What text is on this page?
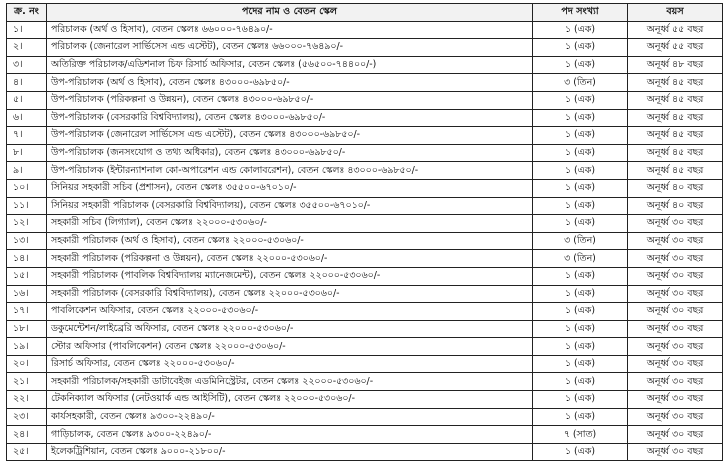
ক্র. নং	পদের নাম ও বেতন স্কেল	পদ সংখ্যা	বয়স
১।	পরিচালক (অর্থ ও হিসাব), বেতন স্কেলঃ ৬৬০০০-৭৬৪৯০/-	১ (এক)	অনূর্ধ্ব ৫৫ বছর
২।	পরিচালক (জেনারেল সার্ভিসেস এন্ড এস্টেট), বেতন স্কেলঃ ৬৬০০০-৭৬৪৯০/-	১ (এক)	অনূর্ধ্ব ৫৫ বছর
৩।	অতিরিক্ত পরিচালক/এডিশনাল চিফ রিসার্চ অফিসার, বেতন স্কেলঃ (৫৬৫০০-৭৪৪০০/-)	১ (এক)	অনূর্ধ্ব ৪৮ বছর
৪।	উপ-পরিচালক (অর্থ ও হিসাব), বেতন স্কেলঃ ৪৩০০০-৬৯৮৫০/-	৩ (তিন)	অনূর্ধ্ব ৪৫ বছর
৫।	উপ-পরিচালক (পরিকল্পনা ও উন্নয়ন), বেতন স্কেলঃ ৪৩০০০-৬৯৮৫০/-	১ (এক)	অনূর্ধ্ব ৪৫ বছর
৬।	উপ-পরিচালক (বেসরকারি বিশ্ববিদ্যালয়), বেতন স্কেলঃ ৪৩০০০-৬৯৮৫০/-	১ (এক)	অনূর্ধ্ব ৪৫ বছর
৭।	উপ-পরিচালক (জেনারেল সার্ভিসেস এন্ড এস্টেট), বেতন স্কেলঃ ৪৩০০০-৬৯৮৫০/-	১ (এক)	অনূর্ধ্ব ৪৫ বছর
৮।	উপ-পরিচালক (জনসংযোগ ও তথ্য অধিকার), বেতন স্কেলঃ ৪৩০০০-৬৯৮৫০/-	১ (এক)	অনূর্ধ্ব ৪৫ বছর
৯।	উপ-পরিচালক (ইন্টারন্যাশনাল কো-অপারেশন এন্ড কোলাবরেশন), বেতন স্কেলঃ ৪৩০০০-৬৯৮৫০/-	১ (এক)	অনূর্ধ্ব ৪৫ বছর
১০।	সিনিয়র সহকারী সচিব (প্রশাসন), বেতন স্কেলঃ ৩৫৫০০-৬৭০১০/-	১ (এক)	অনূর্ধ্ব ৪০ বছর
১১।	সিনিয়র সহকারী পরিচালক (বেসরকারি বিশ্ববিদ্যালয়), বেতন স্কেলঃ ৩৫৫০০-৬৭০১০/-	১ (এক)	অনূর্ধ্ব ৪০ বছর
১২।	সহকারী সচিব (লিগ্যাল), বেতন স্কেলঃ ২২০০০-৫৩০৬০/-	১ (এক)	অনূর্ধ্ব ৩০ বছর
১৩।	সহকারী পরিচালক (অর্থ ও হিসাব), বেতন স্কেলঃ ২২০০০-৫৩০৬০/-	৩ (তিন)	অনূর্ধ্ব ৩০ বছর
১৪।	সহকারী পরিচালক (পরিকল্পনা ও উন্নয়ন), বেতন স্কেলঃ ২২০০০-৫৩০৬০/-	৩ (তিন)	অনূর্ধ্ব ৩০ বছর
১৫।	সহকারী পরিচালক (পাবলিক বিশ্ববিদ্যালয় ম্যানেজমেন্ট), বেতন স্কেলঃ ২২০০০-৫৩০৬০/-	১ (এক)	অনূর্ধ্ব ৩০ বছর
১৬।	সহকারী পরিচালক (বেসরকারি বিশ্ববিদ্যালয়), বেতন স্কেলঃ ২২০০০-৫৩০৬০/-	১ (এক)	অনূর্ধ্ব ৩০ বছর
১৭।	পাবলিকেশন অফিসার, বেতন স্কেলঃ ২২০০০-৫৩০৬০/-	১ (এক)	অনূর্ধ্ব ৩০ বছর
১৮।	ডকুমেন্টেশন/লাইব্রেরি অফিসার, বেতন স্কেলঃ ২২০০০-৫৩০৬০/-	১ (এক)	অনূর্ধ্ব ৩০ বছর
১৯।	স্টোর অফিসার (পাবলিকেশন) বেতন স্কেলঃ ২২০০০-৫৩০৬০/-	১ (এক)	অনূর্ধ্ব ৩০ বছর
২০।	রিসার্চ অফিসার, বেতন স্কেলঃ ২২০০০-৫৩০৬০/-	১ (এক)	অনূর্ধ্ব ৩০ বছর
২১।	সহকারী পরিচালক/সহকারী ডাটাবেইজ এডমিনিস্ট্রেটর, বেতন স্কেলঃ ২২০০০-৫৩০৬০/-	১ (এক)	অনূর্ধ্ব ৩০ বছর
২২।	টেকনিক্যাল অফিসার (নেটওয়ার্ক এন্ড আইসিটি), বেতন স্কেলঃ ২২০০০-৫৩০৬০/-	১ (এক)	অনূর্ধ্ব ৩০ বছর
২৩।	কার্যসহকারী, বেতন স্কেলঃ ৯৩০০-২২৪৯০/-	১ (এক)	অনূর্ধ্ব ৩০ বছর
২৪।	গাড়িচালক, বেতন স্কেলঃ ৯৩০০-২২৪৯০/-	৭ (সাত)	অনূর্ধ্ব ৩০ বছর
২৫।	ইলেকট্রিশিয়ান, বেতন স্কেলঃ ৯০০০-২১৮০০/-	১ (এক)	অনূর্ধ্ব ৩০ বছর
